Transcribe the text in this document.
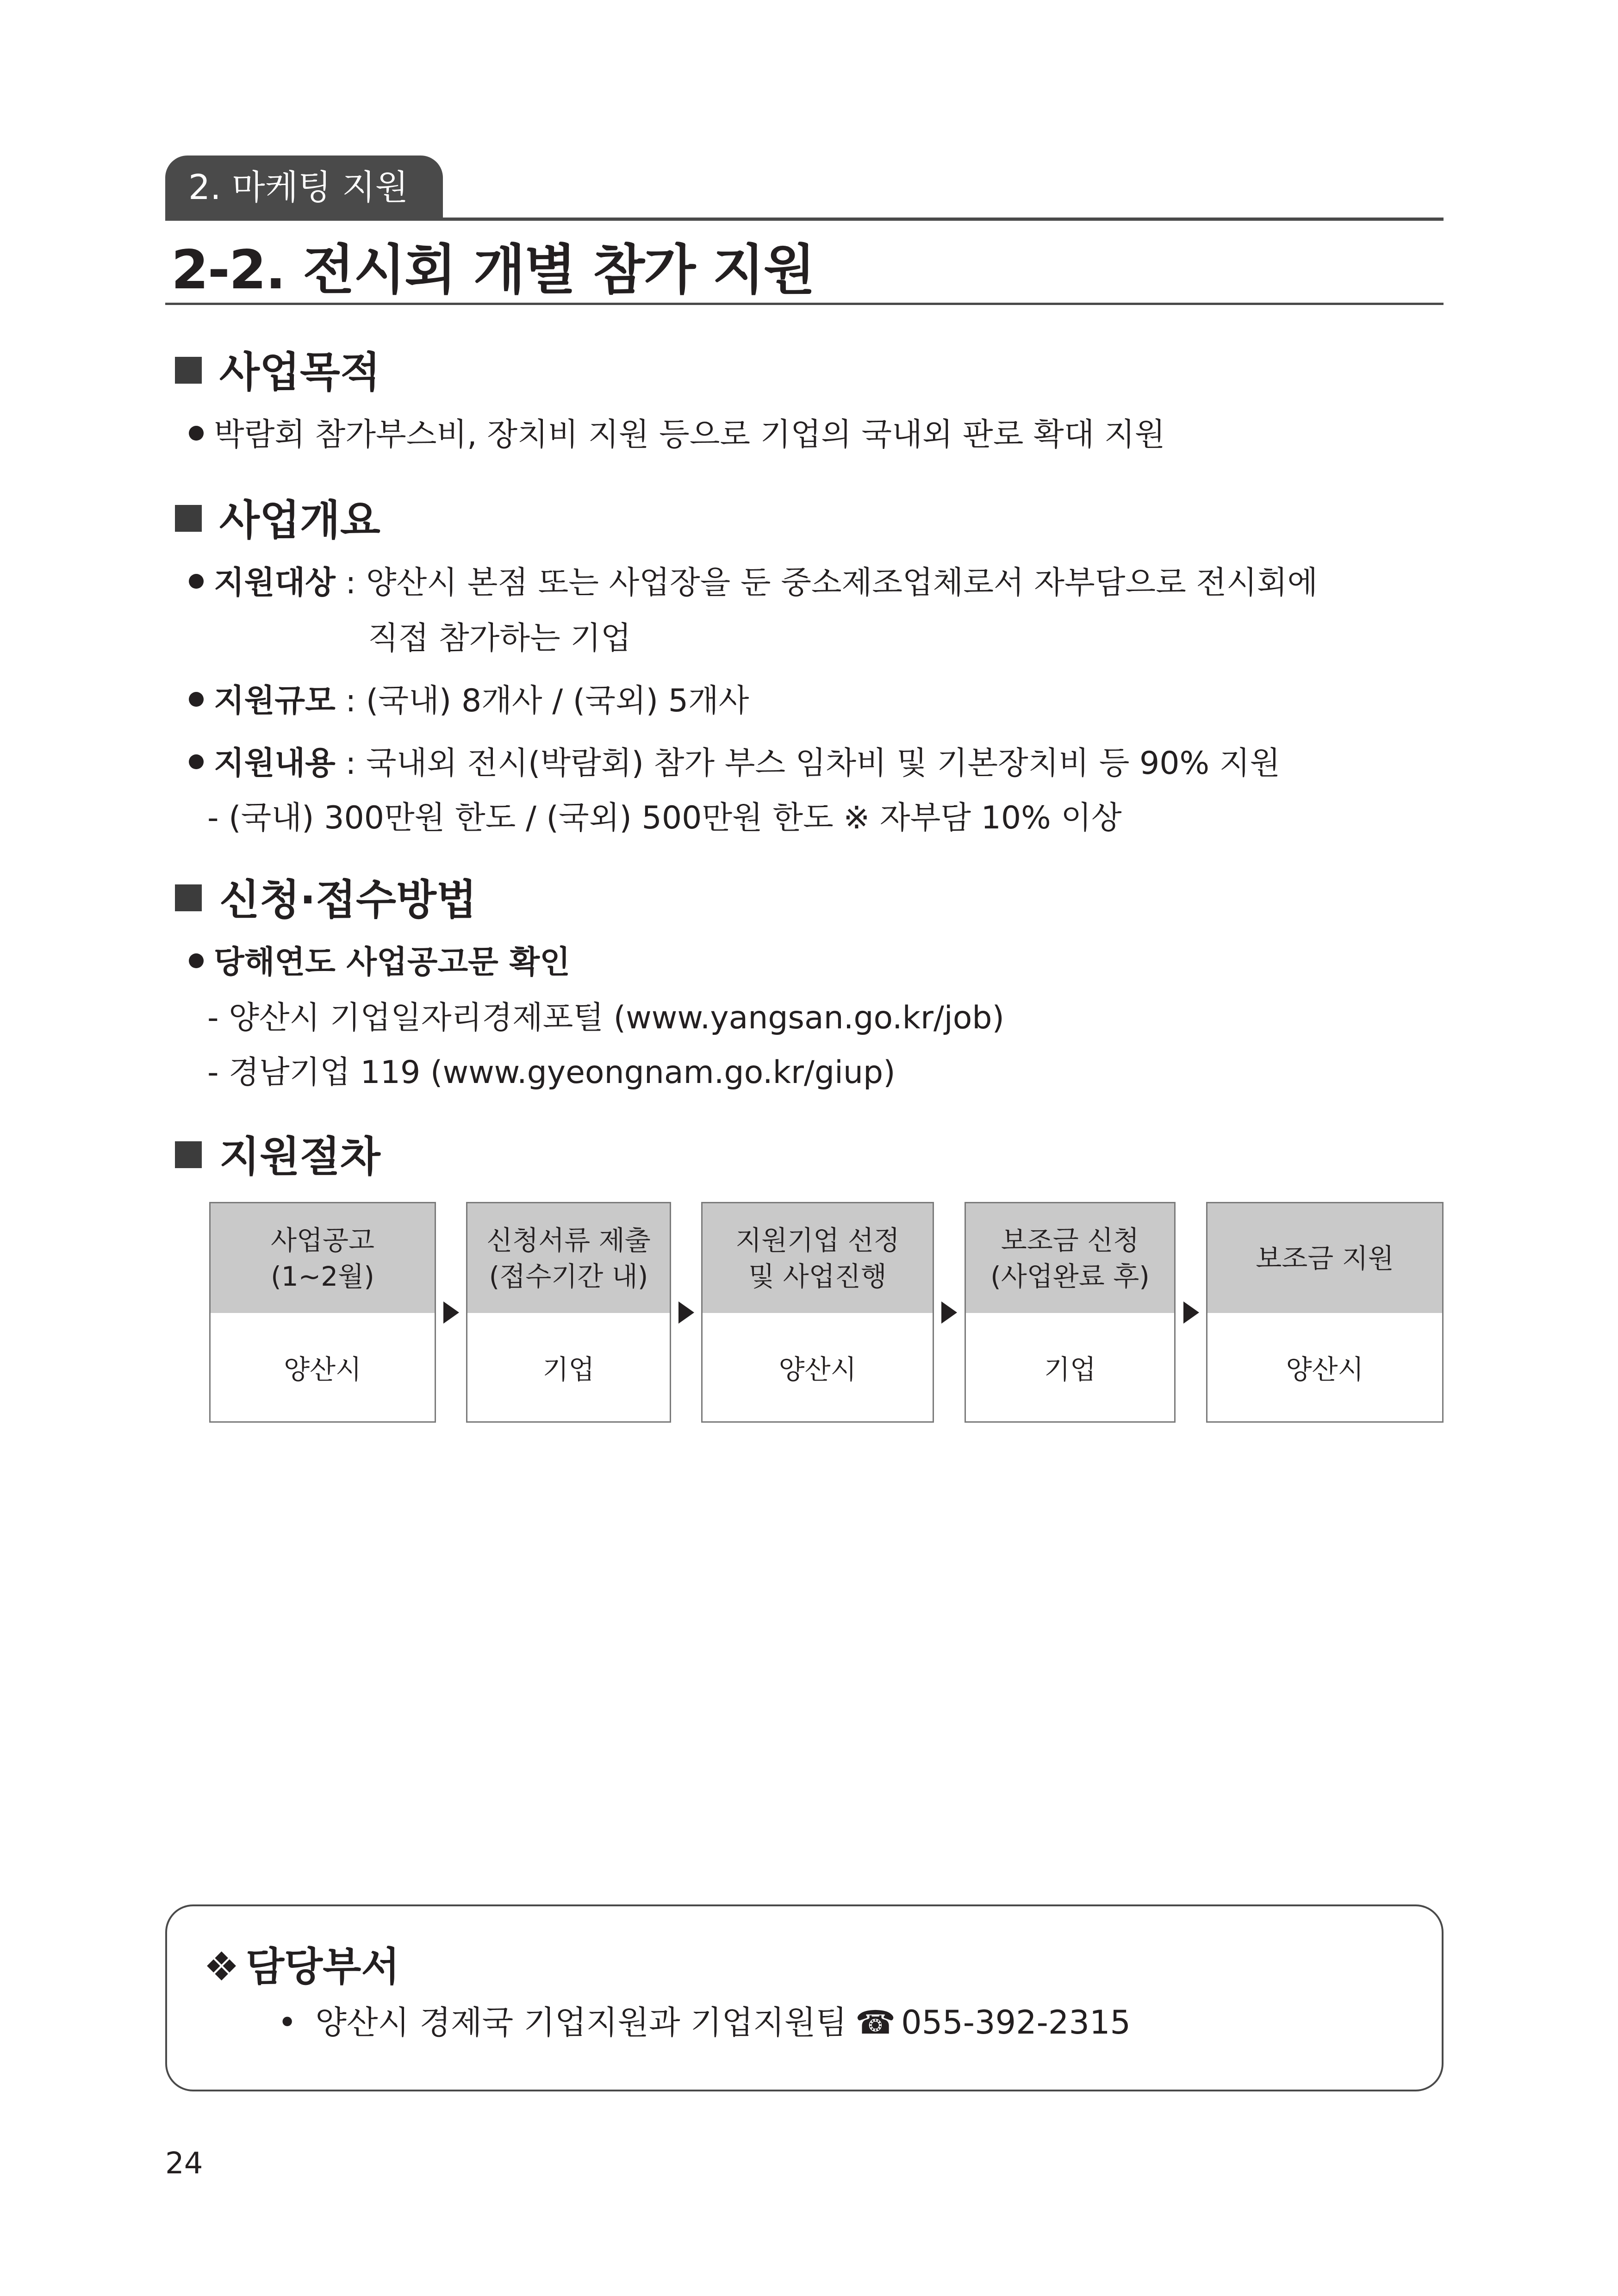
2. 마케팅 지원
2-2. 전시회 개별 참가 지원
사업목적
박람회 참가부스비, 장치비 지원 등으로 기업의 국내외 판로 확대 지원
사업개요
지원대상 : 양산시 본점 또는 사업장을 둔 중소제조업체로서 자부담으로 전시회에
직접 참가하는 기업
지원규모 : (국내) 8개사 / (국외) 5개사
지원내용 : 국내외 전시(박람회) 참가 부스 임차비 및 기본장치비 등 90% 지원
- (국내) 300만원 한도 / (국외) 500만원 한도 ※ 자부담 10% 이상
신청·접수방법
당해연도 사업공고문 확인
- 양산시 기업일자리경제포털 (www.yangsan.go.kr/job)
- 경남기업 119 (www.gyeongnam.go.kr/giup)
지원절차
사업공고
(1~2월)
양산시
신청서류 제출
(접수기간 내)
기업
지원기업 선정
및 사업진행
양산시
보조금 신청
(사업완료 후)
기업
보조금 지원
양산시
❖ 담당부서
• 양산시 경제국 기업지원과 기업지원팀 ☎ 055-392-2315
24
